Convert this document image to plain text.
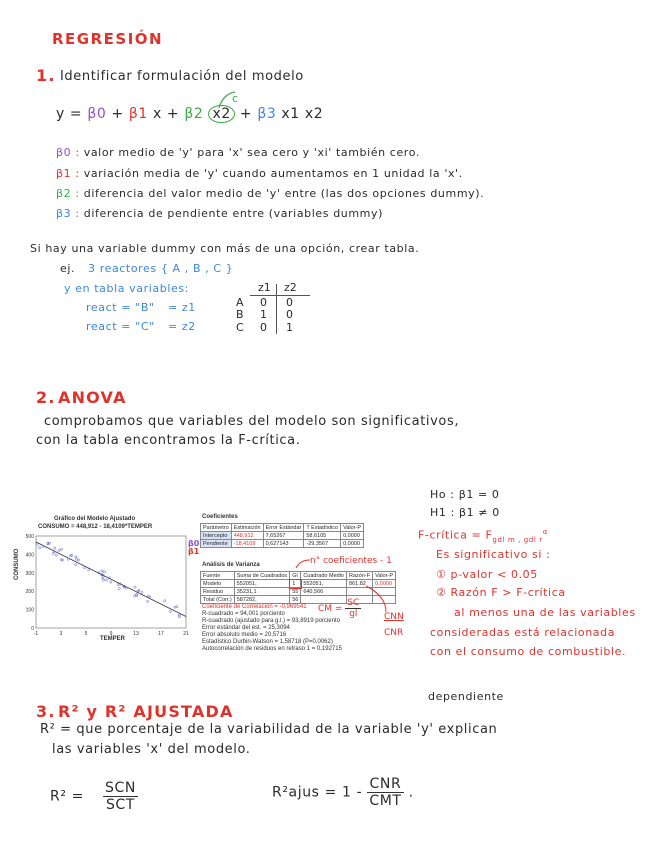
REGRESIÓN
1. Identificar formulación del modelo
y = β0 + β1 x + β2 x2 + β3 x1 x2
c
β0 : valor medio de 'y' para 'x' sea cero y 'xi' también cero.
β1 : variación media de 'y' cuando aumentamos en 1 unidad la 'x'.
β2 : diferencia del valor medio de 'y' entre (las dos opciones dummy).
β3 : diferencia de pendiente entre (variables dummy)
Si hay una variable dummy con más de una opción, crear tabla.
ej. 3 reactores { A , B , C }
y en tabla variables:
react = "B" = z1
react = "C" = z2
z1 z2
A 0 0
B 1 0
C 0 1
2. ANOVA
comprobamos que variables del modelo son significativos,
con la tabla encontramos la F-crítica.
Gráfico del Modelo Ajustado
CONSUMO = 448,912 - 18,4109*TEMPER
-1	3	5	9	13	17	21
0
100
200
300
400
500
CONSUMO
TEMPER
Coeficientes
Parámetro	Estimación	Error Estándar	T Estadístico	Valor-P
Intercepto	448,912	7,65267	58,6105	0,0000
Pendiente	-18,4109	0,627143	-29,3567	0,0000
β0
β1
Análisis de Varianza
Fuente	Suma de Cuadrados	Gl	Cuadrado Medio	Razón-F	Valor-P
Modelo	552051,	1	552051,	861,82	0,0000
Residuo	35231,1	55	640,566		
Total (Corr.)	587282,	56			
Coeficiente de Correlación = -0,969541
R-cuadrado = 94,001 porciento
R-cuadrado (ajustado para g.l.) = 93,8919 porciento
Error estándar del est. = 25,3094
Error absoluto medio = 20,5716
Estadístico Durbin-Watson = 1,58718 (P=0,0062)
Autocorrelación de residuos en retraso 1 = 0,192715
n° coeficientes - 1
CM = $\frac{SC}{gl}$	CNN
CNR
Ho : β1 = 0
H1 : β1 ≠ 0
F-crítica = $F_{gdl m , gdl r}^\alpha$
Es significativo si :
① p-valor < 0.05
② Razón F > F-crítica
al menos una de las variables
consideradas está relacionada
con el consumo de combustible.
3. R² y R² AJUSTADA
dependiente
R² = que porcentaje de la variabilidad de la variable 'y' explican
las variables 'x' del modelo.
$R^2 = \frac{\text{SCN}}{\text{SCT}}$	R²ajus = $1 - \frac{\text{CNR}}{\text{CMT}}$ .
